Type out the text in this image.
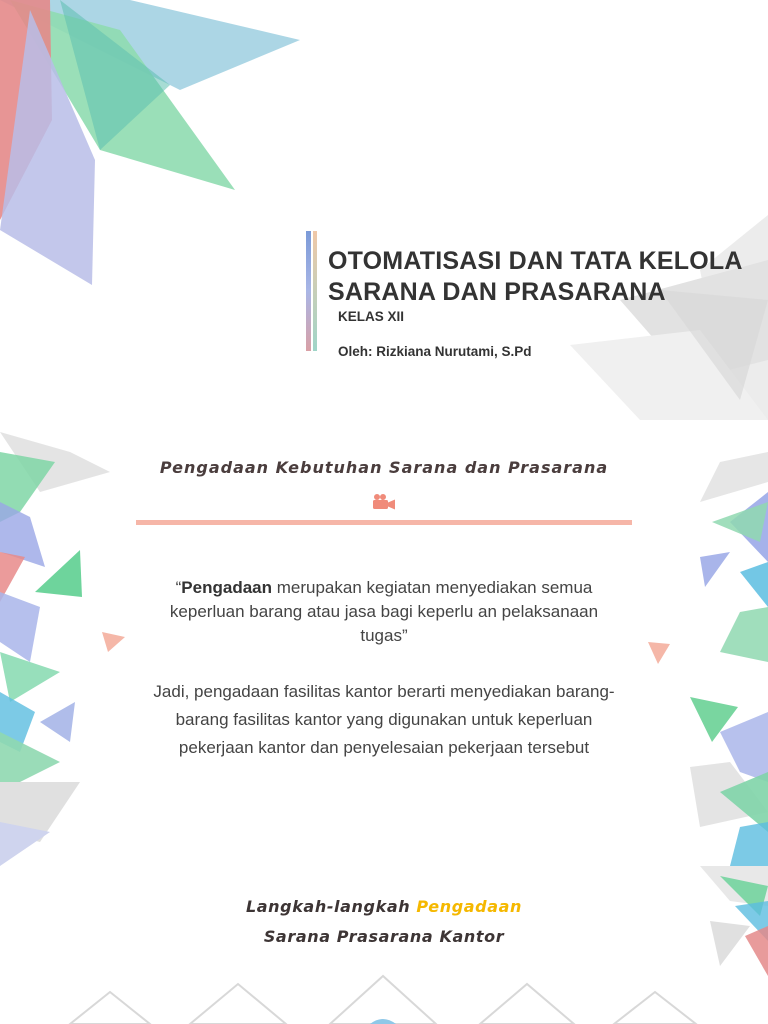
OTOMATISASI DAN TATA KELOLA
SARANA DAN PRASARANA
KELAS XII
Oleh: Rizkiana Nurutami, S.Pd
Pengadaan Kebutuhan Sarana dan Prasarana

“Pengadaan merupakan kegiatan menyediakan semua keperluan barang atau jasa bagi keperlu an pelaksanaan tugas”

Jadi, pengadaan fasilitas kantor berarti menyediakan barang-barang fasilitas kantor yang digunakan untuk keperluan pekerjaan kantor dan penyelesaian pekerjaan tersebut

Langkah-langkah Pengadaan
Sarana Prasarana Kantor
